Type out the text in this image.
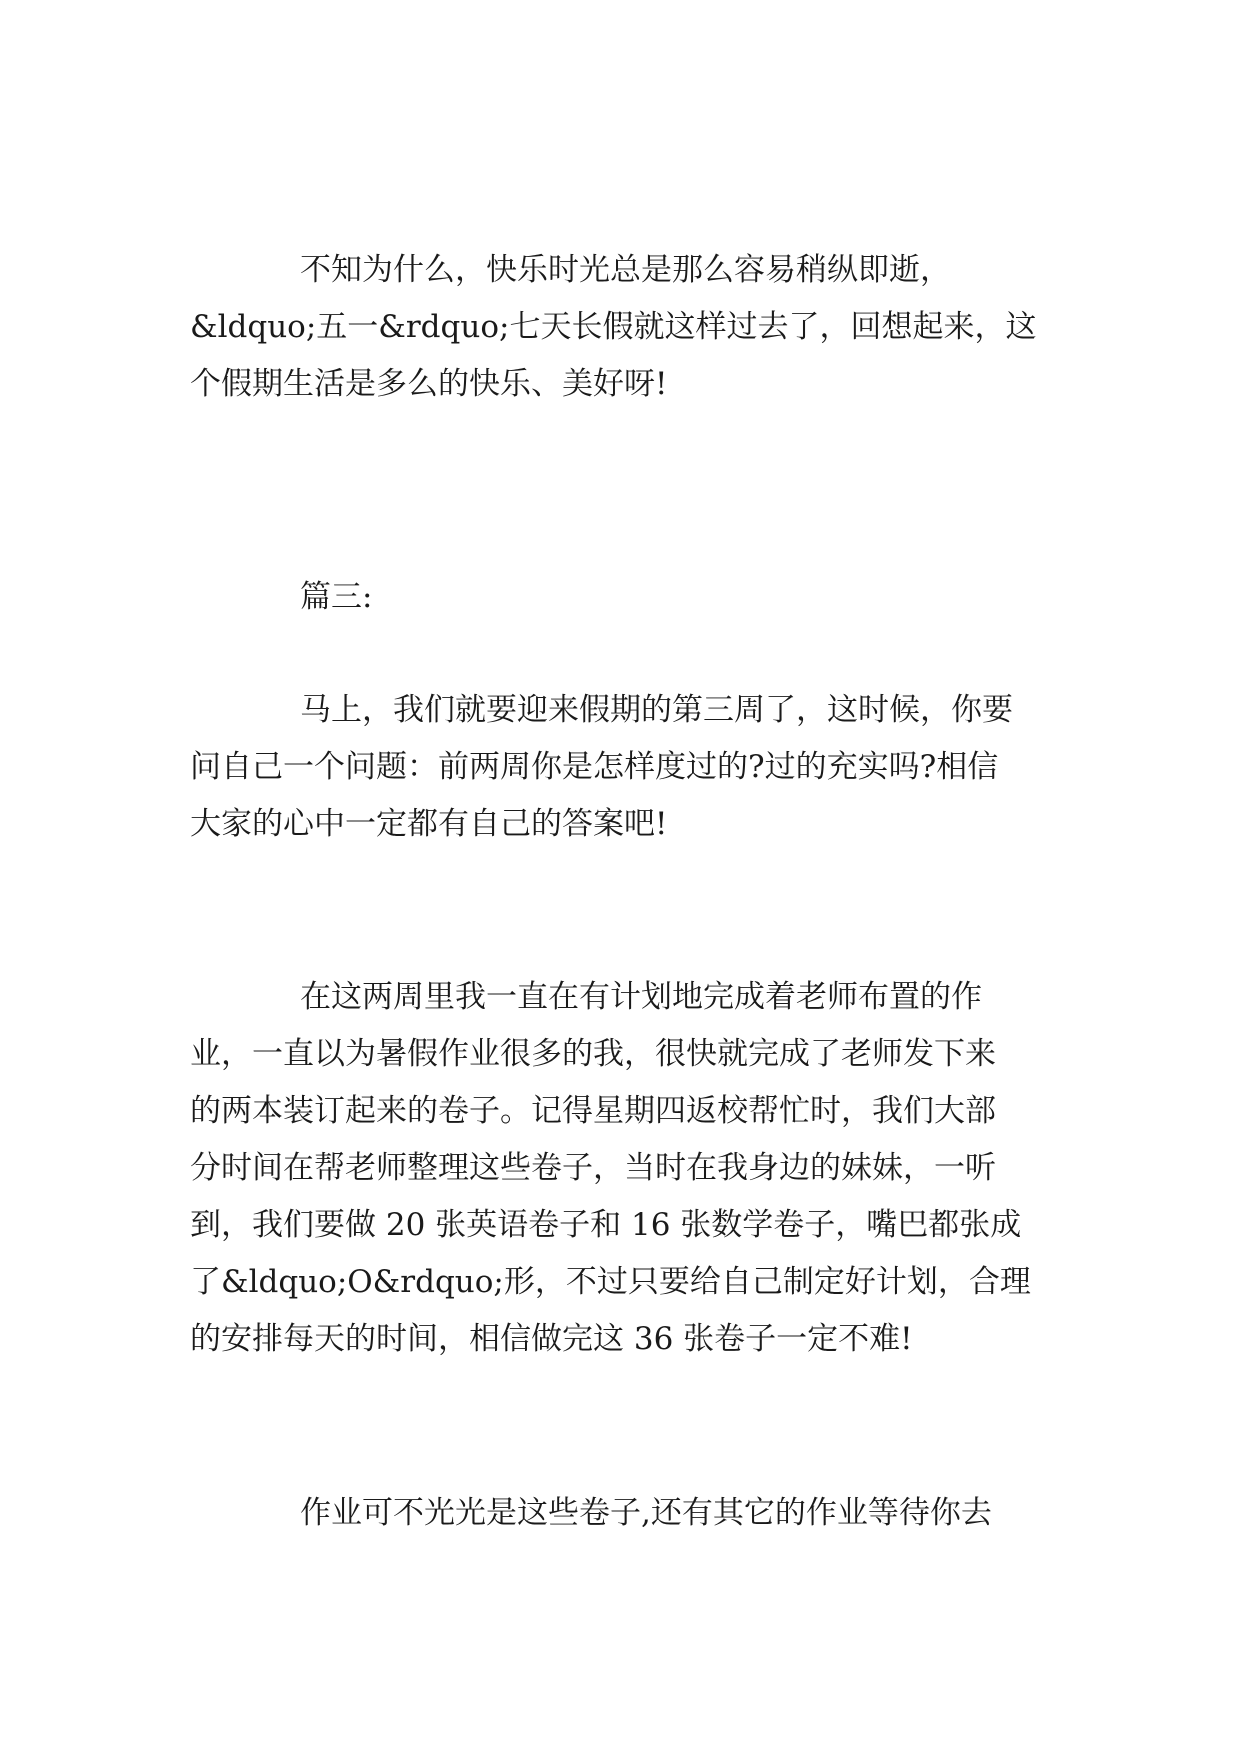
不知为什么，快乐时光总是那么容易稍纵即逝，

&ldquo;五一&rdquo;七天长假就这样过去了，回想起来，这

个假期生活是多么的快乐、美好呀!

篇三:

马上，我们就要迎来假期的第三周了，这时候，你要

问自己一个问题：前两周你是怎样度过的?过的充实吗?相信

大家的心中一定都有自己的答案吧!

在这两周里我一直在有计划地完成着老师布置的作

业，一直以为暑假作业很多的我，很快就完成了老师发下来

的两本装订起来的卷子。记得星期四返校帮忙时，我们大部

分时间在帮老师整理这些卷子，当时在我身边的妹妹，一听

到，我们要做 20 张英语卷子和 16 张数学卷子，嘴巴都张成

了&ldquo;O&rdquo;形，不过只要给自己制定好计划，合理

的安排每天的时间，相信做完这 36 张卷子一定不难!

作业可不光光是这些卷子,还有其它的作业等待你去
